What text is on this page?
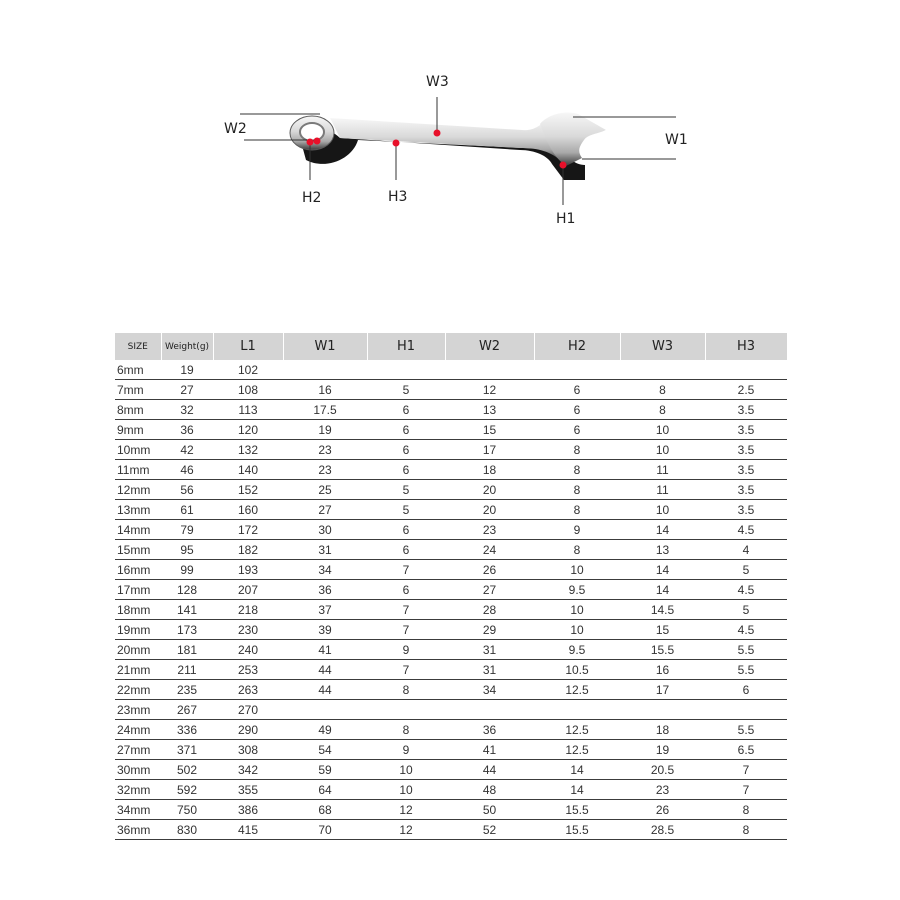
W3
W2
W1
H2	H3
H1
SIZE	Weight(g)	L1	W1	H1	W2	H2	W3	H3
6mm	19	102						
7mm	27	108	16	5	12	6	8	2.5
8mm	32	113	17.5	6	13	6	8	3.5
9mm	36	120	19	6	15	6	10	3.5
10mm	42	132	23	6	17	8	10	3.5
11mm	46	140	23	6	18	8	11	3.5
12mm	56	152	25	5	20	8	11	3.5
13mm	61	160	27	5	20	8	10	3.5
14mm	79	172	30	6	23	9	14	4.5
15mm	95	182	31	6	24	8	13	4
16mm	99	193	34	7	26	10	14	5
17mm	128	207	36	6	27	9.5	14	4.5
18mm	141	218	37	7	28	10	14.5	5
19mm	173	230	39	7	29	10	15	4.5
20mm	181	240	41	9	31	9.5	15.5	5.5
21mm	211	253	44	7	31	10.5	16	5.5
22mm	235	263	44	8	34	12.5	17	6
23mm	267	270						
24mm	336	290	49	8	36	12.5	18	5.5
27mm	371	308	54	9	41	12.5	19	6.5
30mm	502	342	59	10	44	14	20.5	7
32mm	592	355	64	10	48	14	23	7
34mm	750	386	68	12	50	15.5	26	8
36mm	830	415	70	12	52	15.5	28.5	8
